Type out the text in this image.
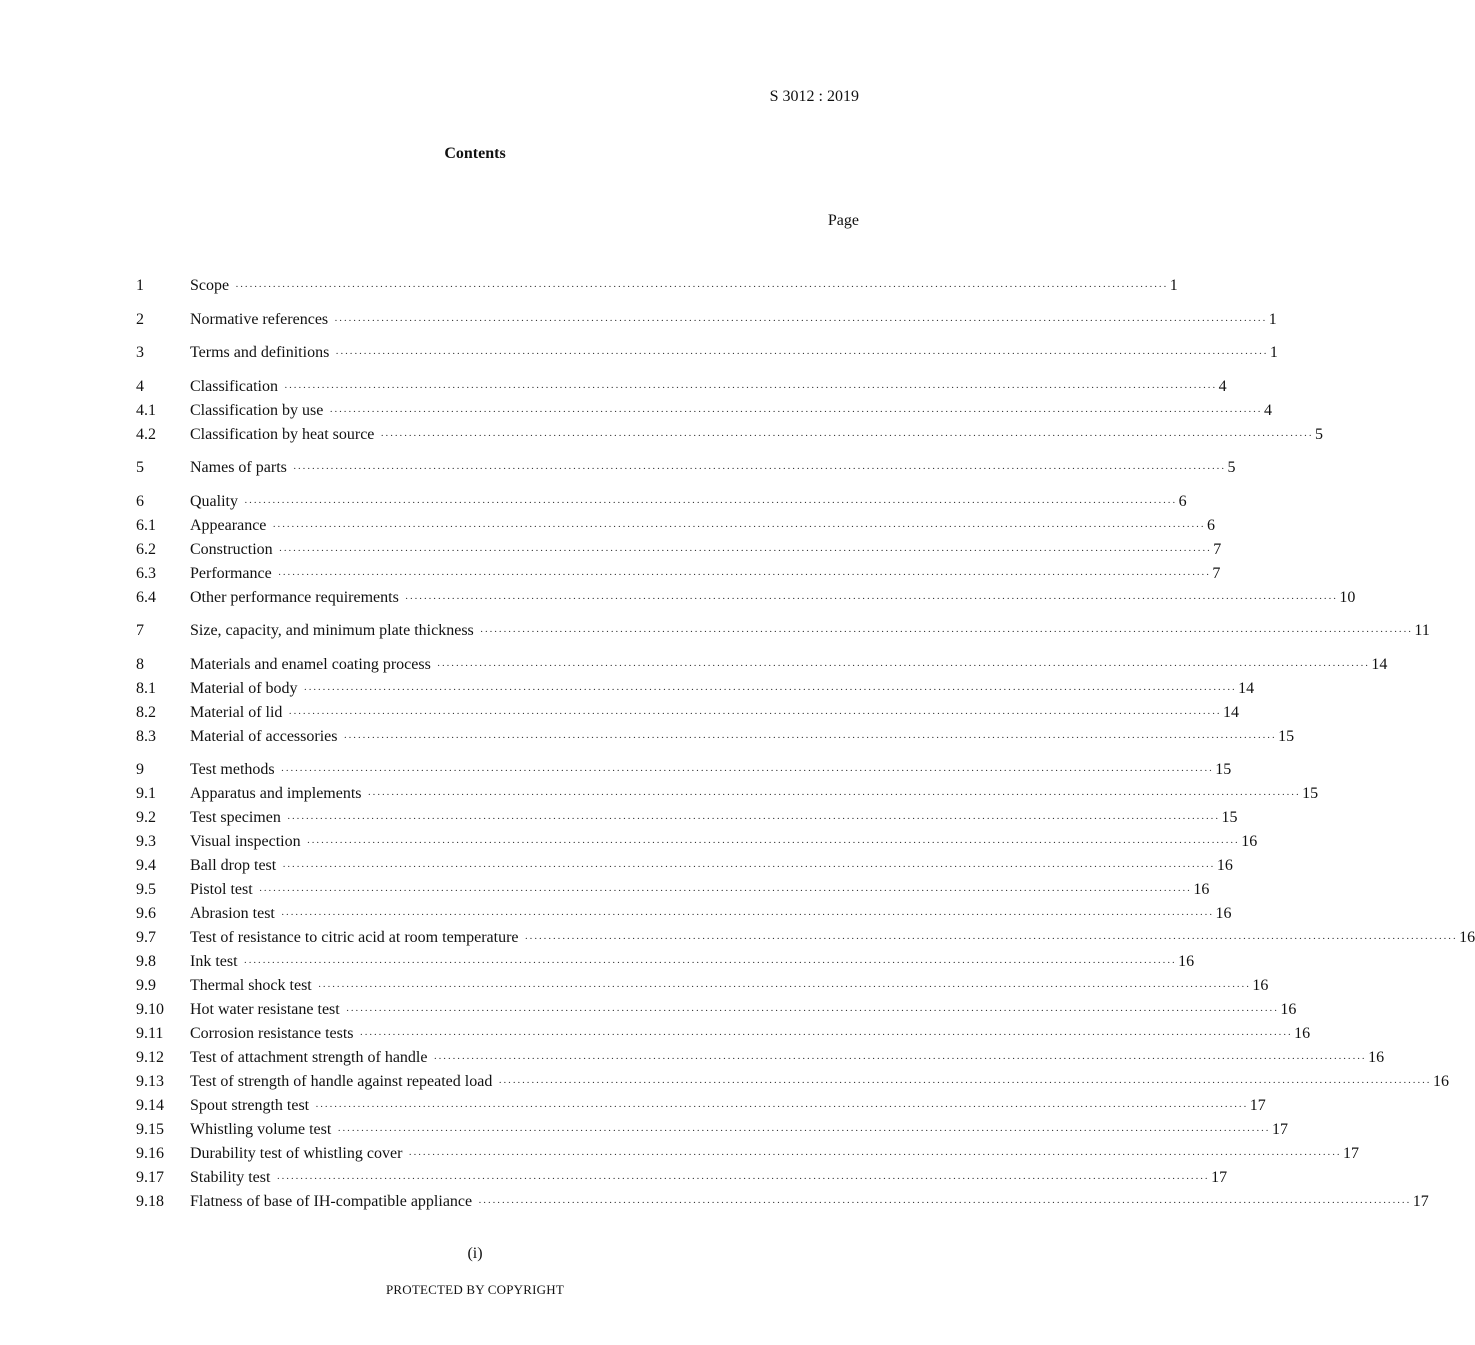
S 3012 : 2019
Contents
Page
1	Scope ········································································································································································································ 1
2	Normative references ········································································································································································································ 1
3	Terms and definitions ········································································································································································································ 1
4	Classification ········································································································································································································ 4
4.1	Classification by use ········································································································································································································ 4
4.2	Classification by heat source ········································································································································································································ 5
5	Names of parts ········································································································································································································ 5
6	Quality ········································································································································································································ 6
6.1	Appearance ········································································································································································································ 6
6.2	Construction ········································································································································································································ 7
6.3	Performance ········································································································································································································ 7
6.4	Other performance requirements ········································································································································································································ 10
7	Size, capacity, and minimum plate thickness ········································································································································································································ 11
8	Materials and enamel coating process ········································································································································································································ 14
8.1	Material of body ········································································································································································································ 14
8.2	Material of lid ········································································································································································································ 14
8.3	Material of accessories ········································································································································································································ 15
9	Test methods ········································································································································································································ 15
9.1	Apparatus and implements ········································································································································································································ 15
9.2	Test specimen ········································································································································································································ 15
9.3	Visual inspection ········································································································································································································ 16
9.4	Ball drop test ········································································································································································································ 16
9.5	Pistol test ········································································································································································································ 16
9.6	Abrasion test ········································································································································································································ 16
9.7	Test of resistance to citric acid at room temperature ········································································································································································································ 16
9.8	Ink test ········································································································································································································ 16
9.9	Thermal shock test ········································································································································································································ 16
9.10	Hot water resistane test ········································································································································································································ 16
9.11	Corrosion resistance tests ········································································································································································································ 16
9.12	Test of attachment strength of handle ········································································································································································································ 16
9.13	Test of strength of handle against repeated load ········································································································································································································ 16
9.14	Spout strength test ········································································································································································································ 17
9.15	Whistling volume test ········································································································································································································ 17
9.16	Durability test of whistling cover ········································································································································································································ 17
9.17	Stability test ········································································································································································································ 17
9.18	Flatness of base of IH-compatible appliance ········································································································································································································ 17
(i)
PROTECTED BY COPYRIGHT
